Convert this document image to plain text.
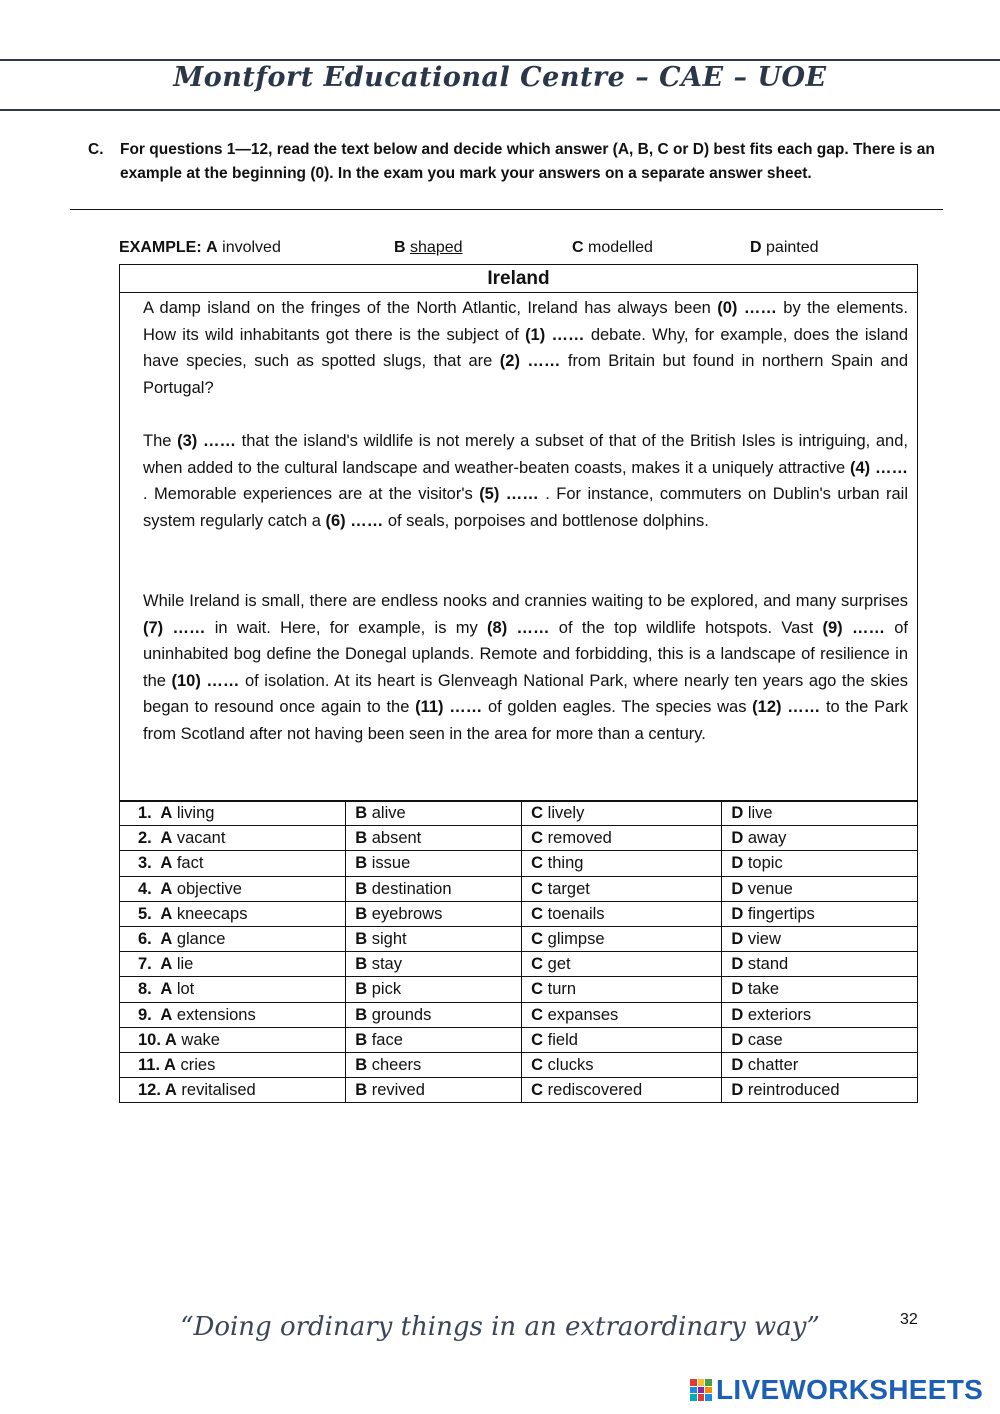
Montfort Educational Centre – CAE – UOE
C. For questions 1—12, read the text below and decide which answer (A, B, C or D) best fits each gap. There is an example at the beginning (0). In the exam you mark your answers on a separate answer sheet.
EXAMPLE: A involved	B shaped	C modelled	D painted
Ireland
A damp island on the fringes of the North Atlantic, Ireland has always been (0) …… by the elements. How its wild inhabitants got there is the subject of (1) …… debate. Why, for example, does the island have species, such as spotted slugs, that are (2) …… from Britain but found in northern Spain and Portugal?
The (3) …… that the island's wildlife is not merely a subset of that of the British Isles is intriguing, and, when added to the cultural landscape and weather-beaten coasts, makes it a uniquely attractive (4) …… . Memorable experiences are at the visitor's (5) …… . For instance, commuters on Dublin's urban rail system regularly catch a (6) …… of seals, porpoises and bottlenose dolphins.
While Ireland is small, there are endless nooks and crannies waiting to be explored, and many surprises (7) …… in wait. Here, for example, is my (8) …… of the top wildlife hotspots. Vast (9) …… of uninhabited bog define the Donegal uplands. Remote and forbidding, this is a landscape of resilience in the (10) …… of isolation. At its heart is Glenveagh National Park, where nearly ten years ago the skies began to resound once again to the (11) …… of golden eagles. The species was (12) …… to the Park from Scotland after not having been seen in the area for more than a century.
1.  A living	B alive	C lively	D live
2.  A vacant	B absent	C removed	D away
3.  A fact	B issue	C thing	D topic
4.  A objective	B destination	C target	D venue
5.  A kneecaps	B eyebrows	C toenails	D fingertips
6.  A glance	B sight	C glimpse	D view
7.  A lie	B stay	C get	D stand
8.  A lot	B pick	C turn	D take
9.  A extensions	B grounds	C expanses	D exteriors
10. A wake	B face	C field	D case
11. A cries	B cheers	C clucks	D chatter
12. A revitalised	B revived	C rediscovered	D reintroduced
“Doing ordinary things in an extraordinary way”	32
LIVEWORKSHEETS
